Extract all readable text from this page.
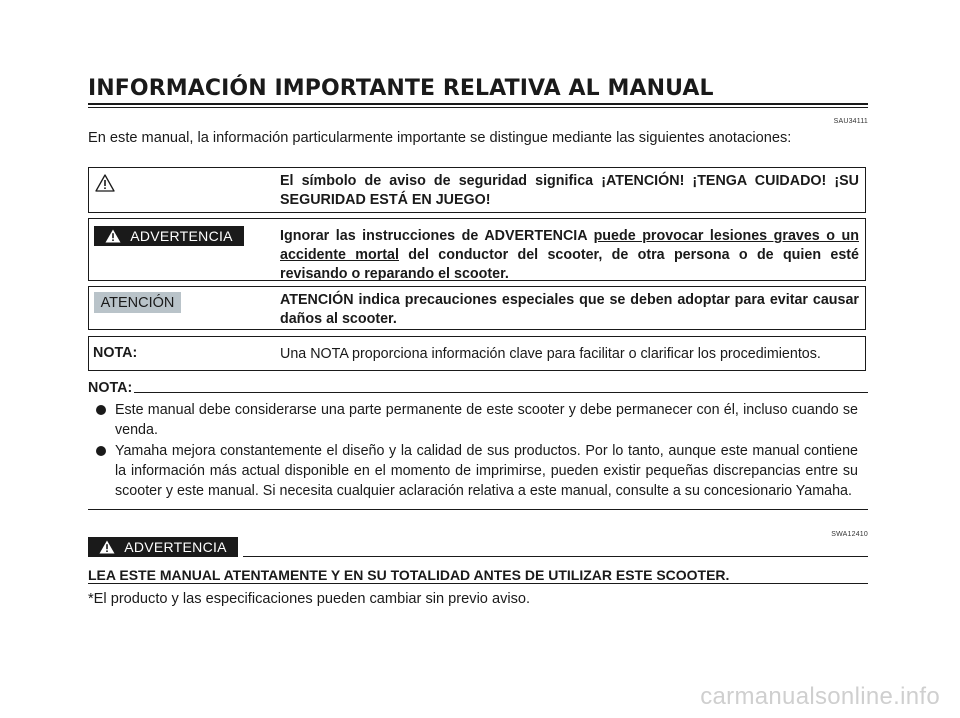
INFORMACIÓN IMPORTANTE RELATIVA AL MANUAL
SAU34111
En este manual, la información particularmente importante se distingue mediante las siguientes anotaciones:
El símbolo de aviso de seguridad significa ¡ATENCIÓN! ¡TENGA CUIDADO! ¡SU SEGURIDAD ESTÁ EN JUEGO!
ADVERTENCIA	Ignorar las instrucciones de ADVERTENCIA puede provocar lesiones graves o un accidente mortal del conductor del scooter, de otra persona o de quien esté revisando o reparando el scooter.
ATENCIÓN	ATENCIÓN indica precauciones especiales que se deben adoptar para evitar causar daños al scooter.
NOTA:	Una NOTA proporciona información clave para facilitar o clarificar los procedimientos.
NOTA:
Este manual debe considerarse una parte permanente de este scooter y debe permanecer con él, incluso cuando se venda.
Yamaha mejora constantemente el diseño y la calidad de sus productos. Por lo tanto, aunque este manual contiene la información más actual disponible en el momento de imprimirse, pueden existir pequeñas discrepancias entre su scooter y este manual. Si necesita cualquier aclaración relativa a este manual, consulte a su concesionario Yamaha.
SWA12410
ADVERTENCIA
LEA ESTE MANUAL ATENTAMENTE Y EN SU TOTALIDAD ANTES DE UTILIZAR ESTE SCOOTER.
*El producto y las especificaciones pueden cambiar sin previo aviso.
carmanualsonline.info
